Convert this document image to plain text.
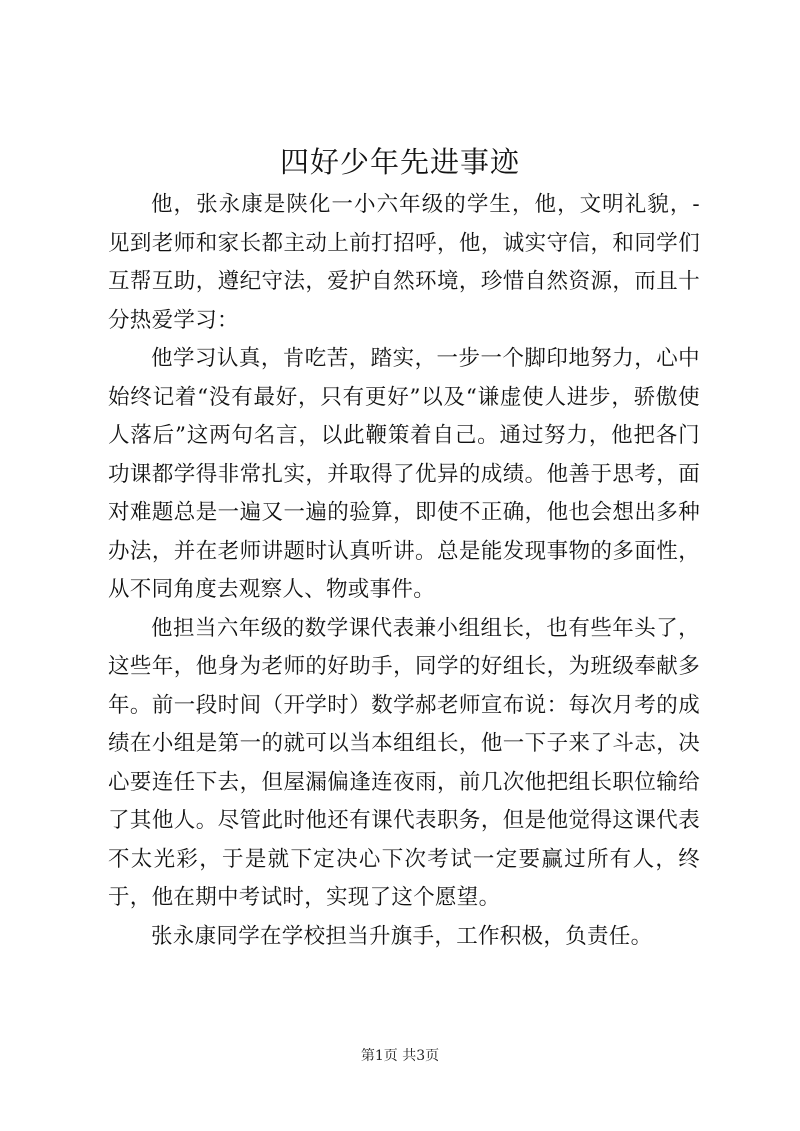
四好少年先进事迹

他，张永康是陕化一小六年级的学生，他，文明礼貌，-见到老师和家长都主动上前打招呼，他，诚实守信，和同学们互帮互助，遵纪守法，爱护自然环境，珍惜自然资源，而且十分热爱学习：

他学习认真，肯吃苦，踏实，一步一个脚印地努力，心中始终记着“没有最好，只有更好”以及“谦虚使人进步，骄傲使人落后”这两句名言，以此鞭策着自己。通过努力，他把各门功课都学得非常扎实，并取得了优异的成绩。他善于思考，面对难题总是一遍又一遍的验算，即使不正确，他也会想出多种办法，并在老师讲题时认真听讲。总是能发现事物的多面性，从不同角度去观察人、物或事件。

他担当六年级的数学课代表兼小组组长，也有些年头了，这些年，他身为老师的好助手，同学的好组长，为班级奉献多年。前一段时间（开学时）数学郝老师宣布说：每次月考的成绩在小组是第一的就可以当本组组长，他一下子来了斗志，决心要连任下去，但屋漏偏逢连夜雨，前几次他把组长职位输给了其他人。尽管此时他还有课代表职务，但是他觉得这课代表不太光彩，于是就下定决心下次考试一定要赢过所有人，终于，他在期中考试时，实现了这个愿望。

张永康同学在学校担当升旗手，工作积极，负责任。

第1页 共3页
